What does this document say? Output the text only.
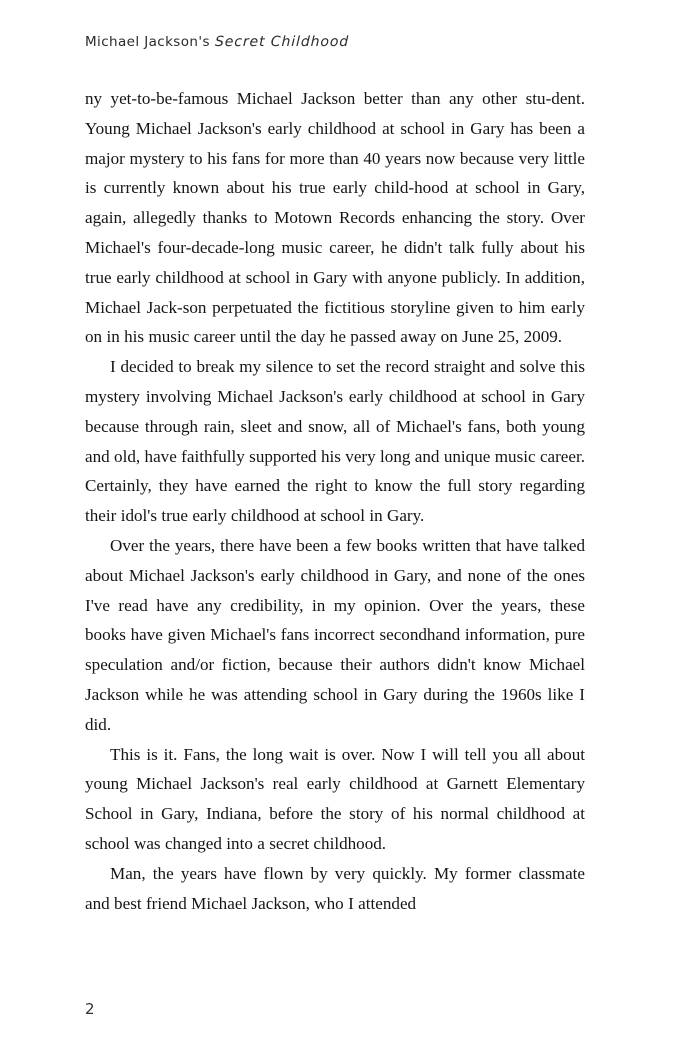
Michael Jackson's Secret Childhood

ny yet-to-be-famous Michael Jackson better than any other stu-dent. Young Michael Jackson's early childhood at school in Gary has been a major mystery to his fans for more than 40 years now because very little is currently known about his true early child-hood at school in Gary, again, allegedly thanks to Motown Records enhancing the story. Over Michael's four-decade-long music career, he didn't talk fully about his true early childhood at school in Gary with anyone publicly. In addition, Michael Jack-son perpetuated the fictitious storyline given to him early on in his music career until the day he passed away on June 25, 2009.

I decided to break my silence to set the record straight and solve this mystery involving Michael Jackson's early childhood at school in Gary because through rain, sleet and snow, all of Michael's fans, both young and old, have faithfully supported his very long and unique music career. Certainly, they have earned the right to know the full story regarding their idol's true early childhood at school in Gary.

Over the years, there have been a few books written that have talked about Michael Jackson's early childhood in Gary, and none of the ones I've read have any credibility, in my opinion. Over the years, these books have given Michael's fans incorrect secondhand information, pure speculation and/or fiction, because their authors didn't know Michael Jackson while he was attending school in Gary during the 1960s like I did.

This is it. Fans, the long wait is over. Now I will tell you all about young Michael Jackson's real early childhood at Garnett Elementary School in Gary, Indiana, before the story of his normal childhood at school was changed into a secret childhood.

Man, the years have flown by very quickly. My former classmate and best friend Michael Jackson, who I attended

2
